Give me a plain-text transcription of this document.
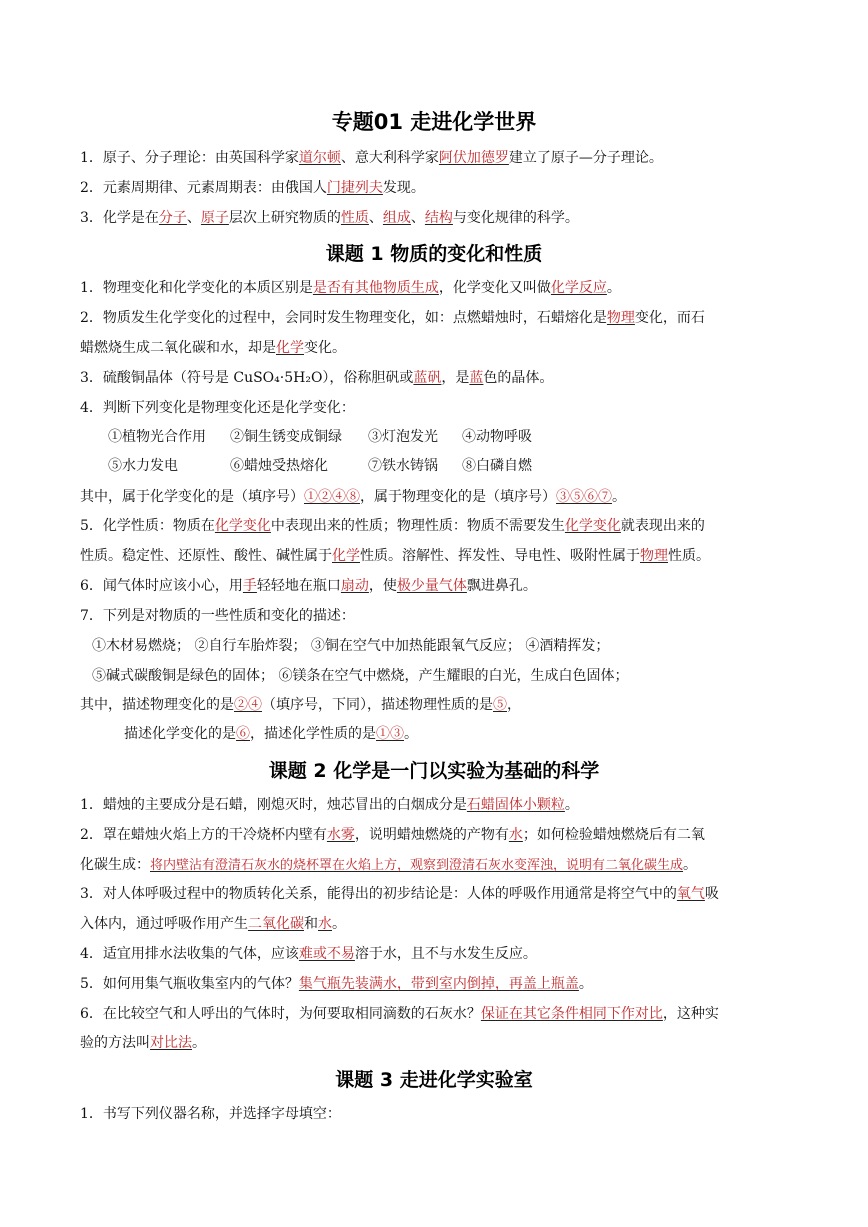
专题01 走进化学世界
1．原子、分子理论：由英国科学家道尔顿、意大利科学家阿伏加德罗建立了原子—分子理论。
2．元素周期律、元素周期表：由俄国人门捷列夫发现。
3．化学是在分子、原子层次上研究物质的性质、组成、结构与变化规律的科学。
课题 1 物质的变化和性质
1．物理变化和化学变化的本质区别是是否有其他物质生成，化学变化又叫做化学反应。
2．物质发生化学变化的过程中，会同时发生物理变化，如：点燃蜡烛时，石蜡熔化是物理变化，而石
蜡燃烧生成二氧化碳和水，却是化学变化。
3．硫酸铜晶体（符号是 CuSO₄·5H₂O），俗称胆矾或蓝矾，是蓝色的晶体。
4．判断下列变化是物理变化还是化学变化：
①植物光合作用 ②铜生锈变成铜绿 ③灯泡发光 ④动物呼吸
⑤水力发电	⑥蜡烛受热熔化	⑦铁水铸锅 ⑧白磷自燃
其中，属于化学变化的是（填序号）①②④⑧，属于物理变化的是（填序号）③⑤⑥⑦。
5．化学性质：物质在化学变化中表现出来的性质；物理性质：物质不需要发生化学变化就表现出来的
性质。稳定性、还原性、酸性、碱性属于化学性质。溶解性、挥发性、导电性、吸附性属于物理性质。
6．闻气体时应该小心，用手轻轻地在瓶口扇动，使极少量气体飘进鼻孔。
7．下列是对物质的一些性质和变化的描述：
①木材易燃烧； ②自行车胎炸裂； ③铜在空气中加热能跟氧气反应； ④酒精挥发；
⑤碱式碳酸铜是绿色的固体； ⑥镁条在空气中燃烧，产生耀眼的白光，生成白色固体；
其中，描述物理变化的是②④（填序号，下同），描述物理性质的是⑤，
描述化学变化的是⑥，描述化学性质的是①③。
课题 2 化学是一门以实验为基础的科学
1．蜡烛的主要成分是石蜡，刚熄灭时，烛芯冒出的白烟成分是石蜡固体小颗粒。
2．罩在蜡烛火焰上方的干冷烧杯内壁有水雾，说明蜡烛燃烧的产物有水；如何检验蜡烛燃烧后有二氧
化碳生成：将内壁沾有澄清石灰水的烧杯罩在火焰上方，观察到澄清石灰水变浑浊，说明有二氧化碳生成。
3．对人体呼吸过程中的物质转化关系，能得出的初步结论是：人体的呼吸作用通常是将空气中的氧气吸
入体内，通过呼吸作用产生二氧化碳和水。
4．适宜用排水法收集的气体，应该难或不易溶于水，且不与水发生反应。
5．如何用集气瓶收集室内的气体？集气瓶先装满水，带到室内倒掉，再盖上瓶盖。
6．在比较空气和人呼出的气体时，为何要取相同滴数的石灰水？保证在其它条件相同下作对比，这种实
验的方法叫对比法。
课题 3 走进化学实验室
1．书写下列仪器名称，并选择字母填空：
